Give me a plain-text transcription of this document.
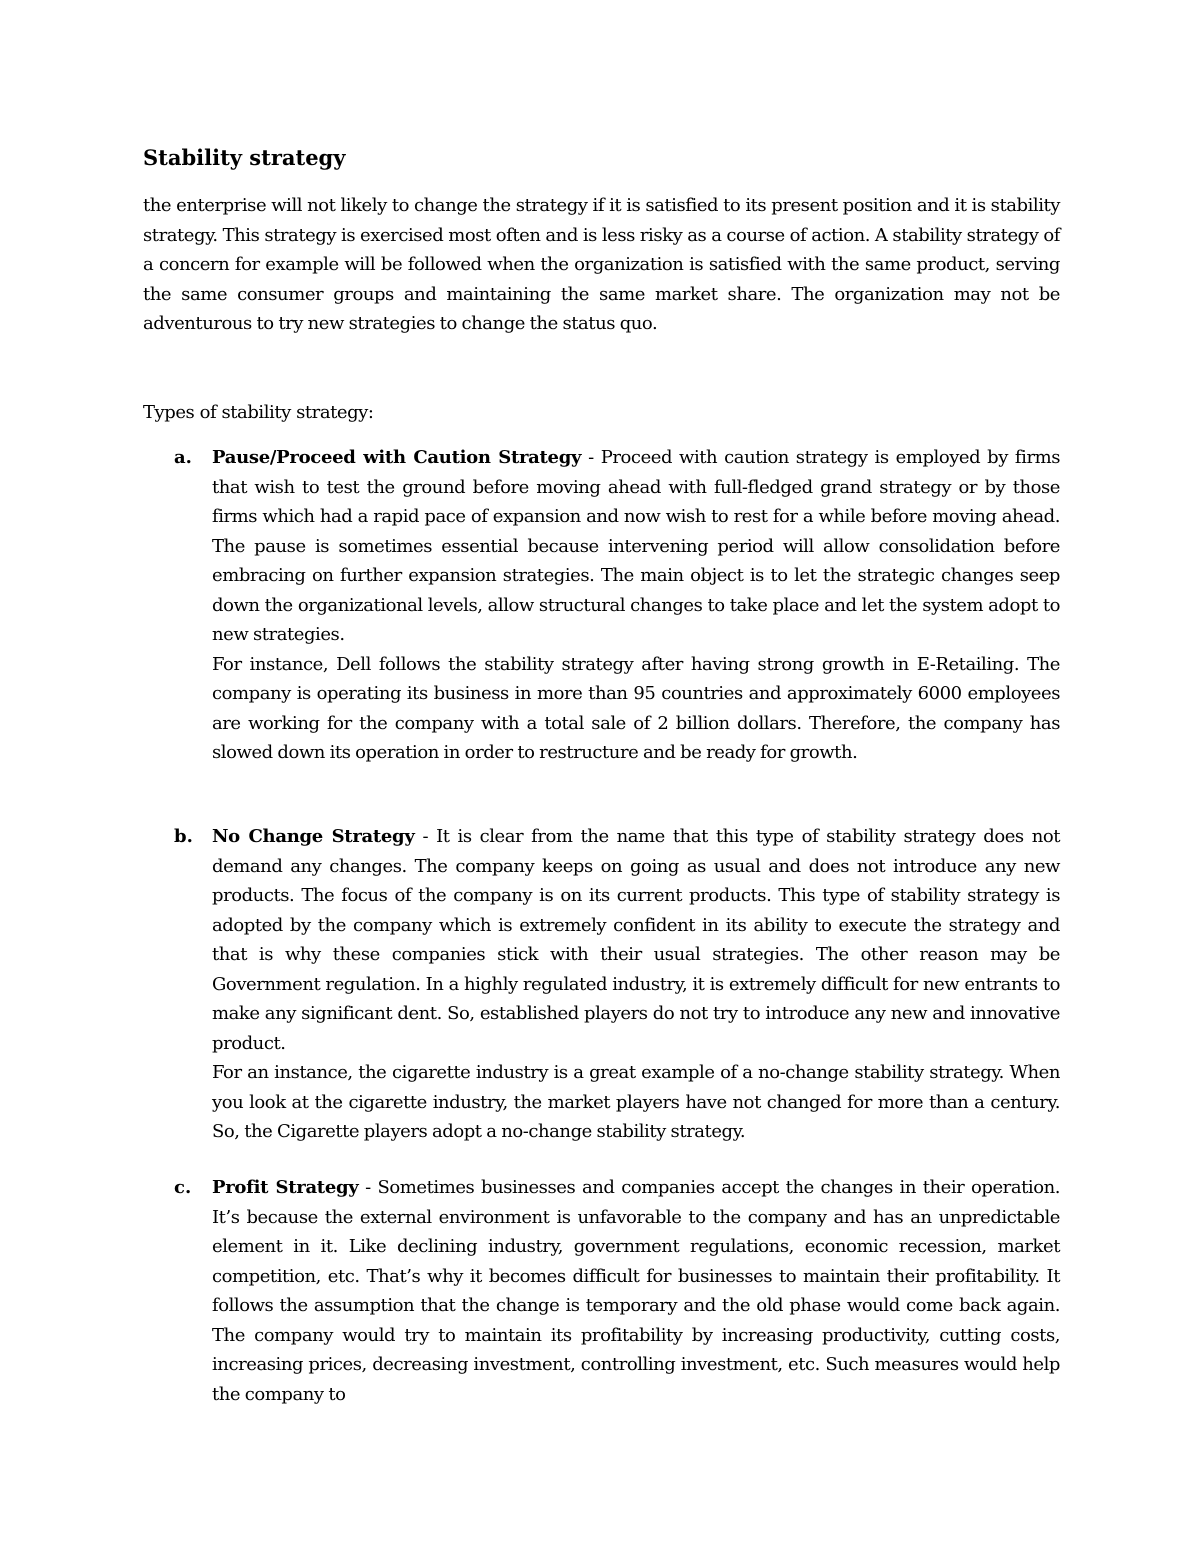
Stability strategy

the enterprise will not likely to change the strategy if it is satisfied to its present position and it is stability strategy. This strategy is exercised most often and is less risky as a course of action. A stability strategy of a concern for example will be followed when the organization is satisfied with the same product, serving the same consumer groups and maintaining the same market share. The organization may not be adventurous to try new strategies to change the status quo.

Types of stability strategy:

a. Pause/Proceed with Caution Strategy - Proceed with caution strategy is employed by firms that wish to test the ground before moving ahead with full-fledged grand strategy or by those firms which had a rapid pace of expansion and now wish to rest for a while before moving ahead. The pause is sometimes essential because intervening period will allow consolidation before embracing on further expansion strategies. The main object is to let the strategic changes seep down the organizational levels, allow structural changes to take place and let the system adopt to new strategies.

For instance, Dell follows the stability strategy after having strong growth in E-Retailing. The company is operating its business in more than 95 countries and approximately 6000 employees are working for the company with a total sale of 2 billion dollars. Therefore, the company has slowed down its operation in order to restructure and be ready for growth.

b. No Change Strategy - It is clear from the name that this type of stability strategy does not demand any changes. The company keeps on going as usual and does not introduce any new products. The focus of the company is on its current products. This type of stability strategy is adopted by the company which is extremely confident in its ability to execute the strategy and that is why these companies stick with their usual strategies. The other reason may be Government regulation. In a highly regulated industry, it is extremely difficult for new entrants to make any significant dent. So, established players do not try to introduce any new and innovative product.

For an instance, the cigarette industry is a great example of a no-change stability strategy. When you look at the cigarette industry, the market players have not changed for more than a century. So, the Cigarette players adopt a no-change stability strategy.

c. Profit Strategy - Sometimes businesses and companies accept the changes in their operation. It’s because the external environment is unfavorable to the company and has an unpredictable element in it. Like declining industry, government regulations, economic recession, market competition, etc. That’s why it becomes difficult for businesses to maintain their profitability. It follows the assumption that the change is temporary and the old phase would come back again. The company would try to maintain its profitability by increasing productivity, cutting costs, increasing prices, decreasing investment, controlling investment, etc. Such measures would help the company to
